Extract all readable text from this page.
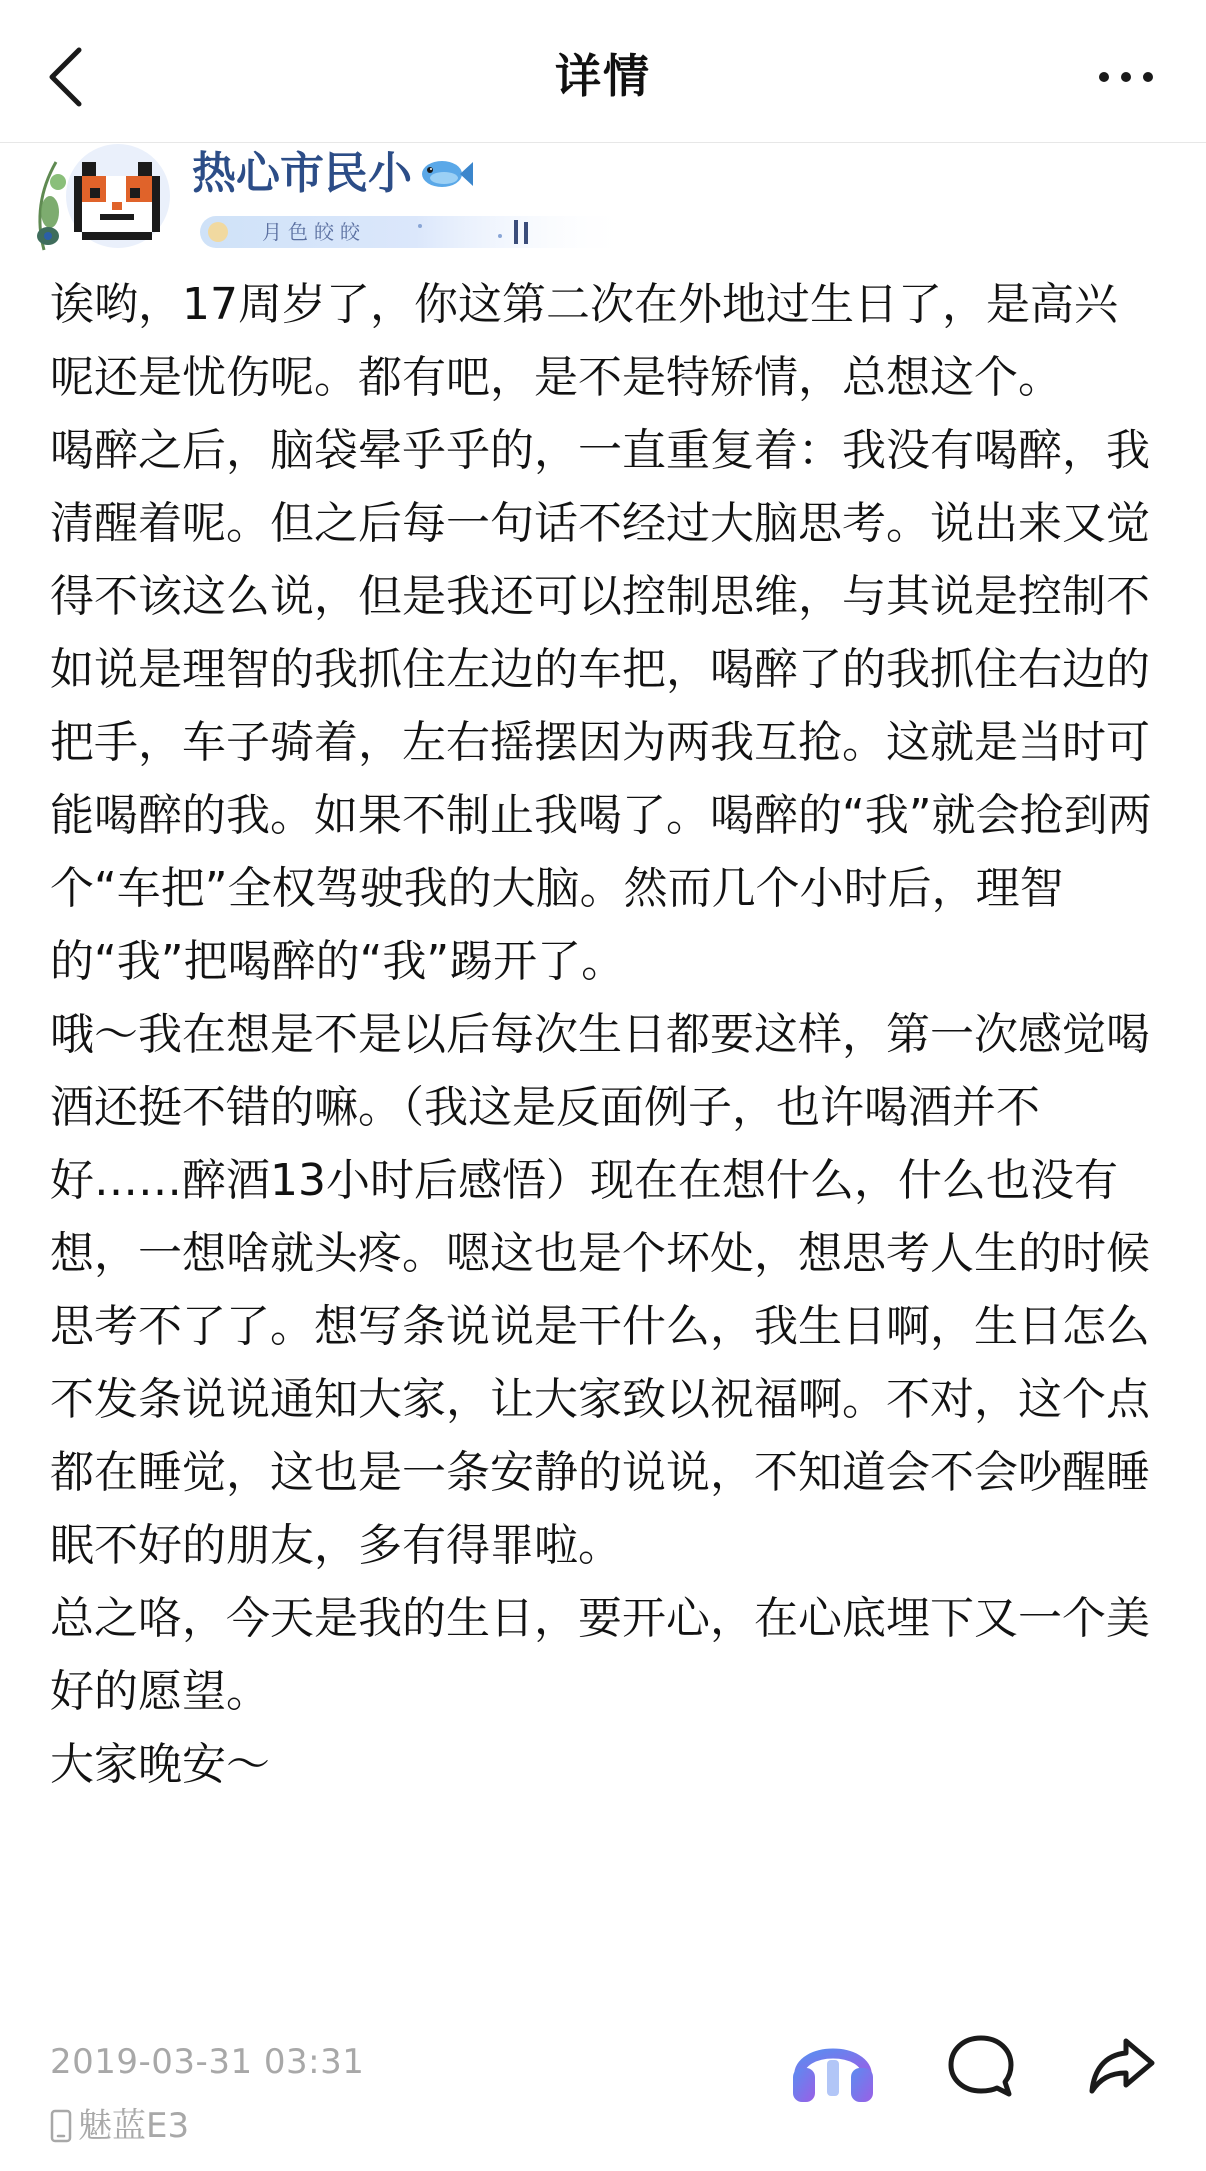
详情
热心市民小
月色皎皎

诶哟，17周岁了，你这第二次在外地过生日了，是高兴呢还是忧伤呢。都有吧，是不是特矫情，总想这个。

喝醉之后，脑袋晕乎乎的，一直重复着：我没有喝醉，我清醒着呢。但之后每一句话不经过大脑思考。说出来又觉得不该这么说，但是我还可以控制思维，与其说是控制不如说是理智的我抓住左边的车把，喝醉了的我抓住右边的把手，车子骑着，左右摇摆因为两我互抢。这就是当时可能喝醉的我。如果不制止我喝了。喝醉的“我”就会抢到两个“车把”全权驾驶我的大脑。然而几个小时后，理智的“我”把喝醉的“我”踢开了。

哦～我在想是不是以后每次生日都要这样，第一次感觉喝酒还挺不错的嘛。（我这是反面例子，也许喝酒并不好……醉酒13小时后感悟）现在在想什么，什么也没有想，一想啥就头疼。嗯这也是个坏处，想思考人生的时候思考不了了。想写条说说是干什么，我生日啊，生日怎么不发条说说通知大家，让大家致以祝福啊。不对，这个点都在睡觉，这也是一条安静的说说，不知道会不会吵醒睡眠不好的朋友，多有得罪啦。

总之咯，今天是我的生日，要开心，在心底埋下又一个美好的愿望。

大家晚安～

2019-03-31 03:31
魅蓝E3
